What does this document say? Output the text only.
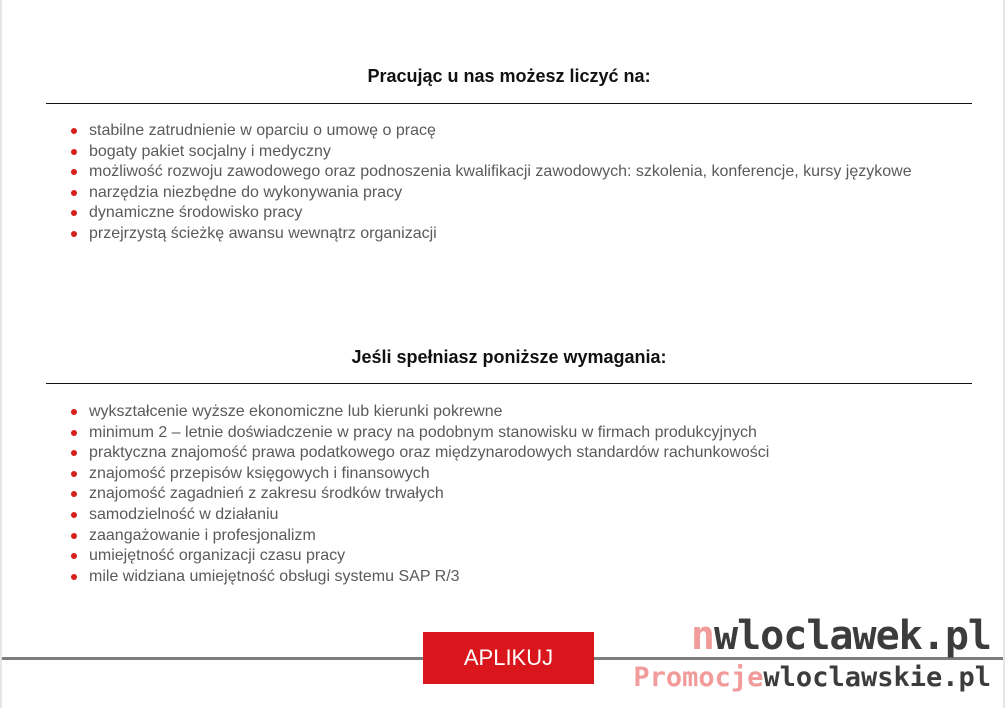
Pracując u nas możesz liczyć na:
stabilne zatrudnienie w oparciu o umowę o pracę
bogaty pakiet socjalny i medyczny
możliwość rozwoju zawodowego oraz podnoszenia kwalifikacji zawodowych: szkolenia, konferencje, kursy językowe
narzędzia niezbędne do wykonywania pracy
dynamiczne środowisko pracy
przejrzystą ścieżkę awansu wewnątrz organizacji
Jeśli spełniasz poniższe wymagania:
wykształcenie wyższe ekonomiczne lub kierunki pokrewne
minimum 2 – letnie doświadczenie w pracy na podobnym stanowisku w firmach produkcyjnych
praktyczna znajomość prawa podatkowego oraz międzynarodowych standardów rachunkowości
znajomość przepisów księgowych i finansowych
znajomość zagadnień z zakresu środków trwałych
samodzielność w działaniu
zaangażowanie i profesjonalizm
umiejętność organizacji czasu pracy
mile widziana umiejętność obsługi systemu SAP R/3
APLIKUJ	nwloclawek.pl
Promocjewloclawskie.pl
